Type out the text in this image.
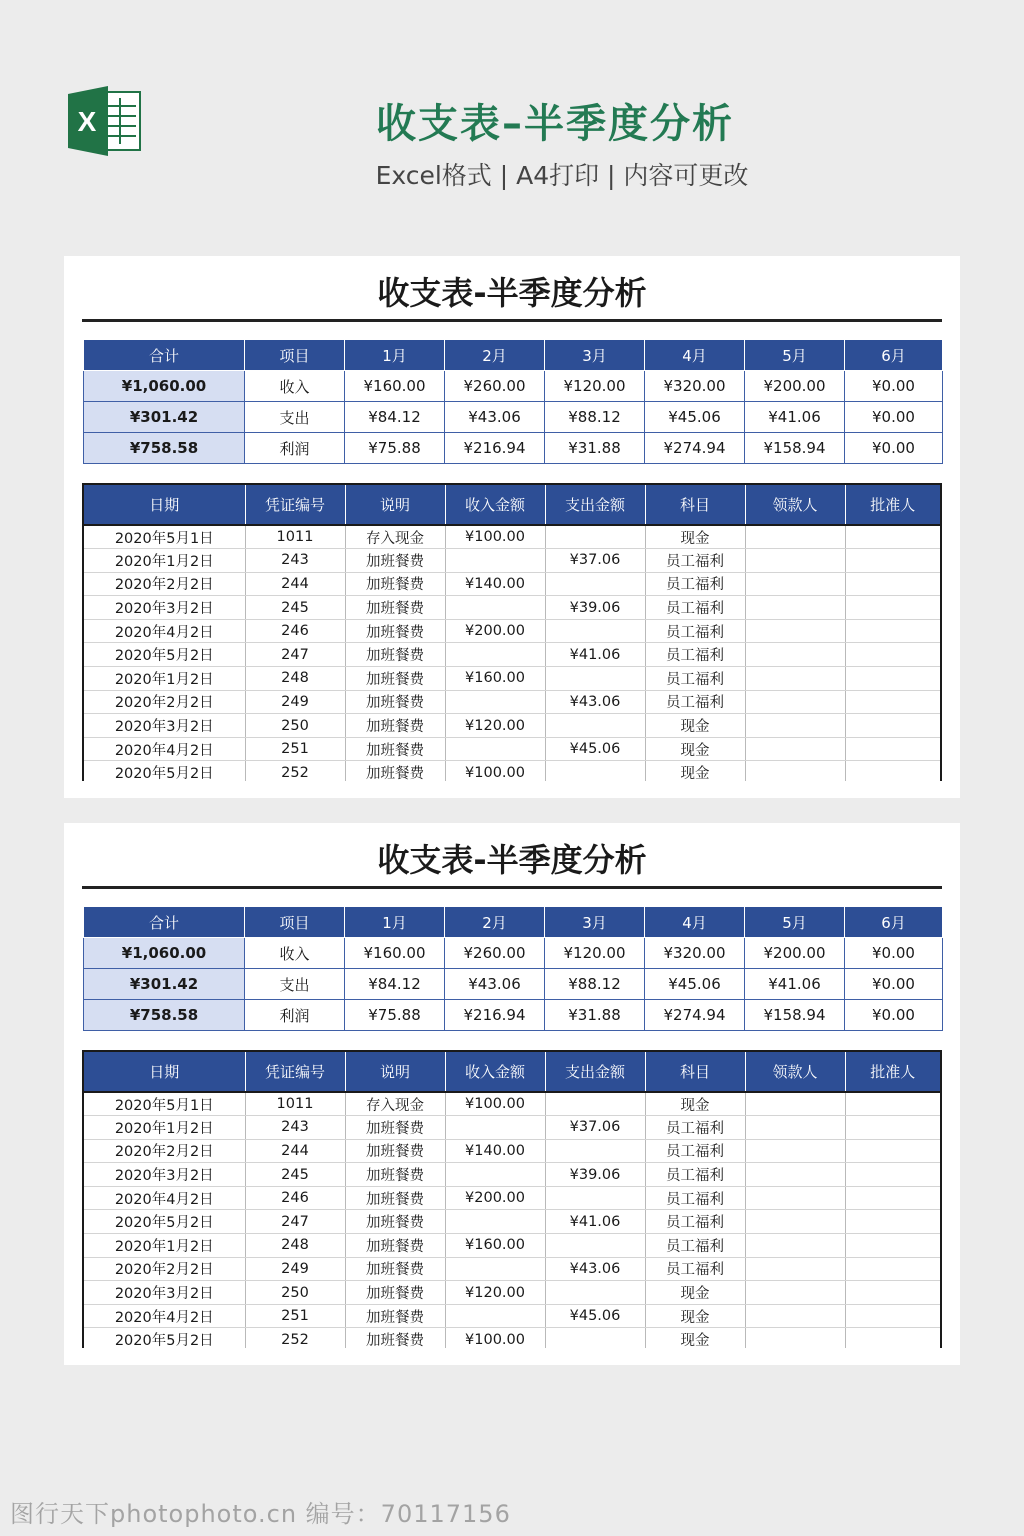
X	收支表–半季度分析
Excel格式 | A4打印 | 内容可更改
收支表-半季度分析
合计	项目	1月	2月	3月	4月	5月	6月
¥1,060.00	收入	¥160.00	¥260.00	¥120.00	¥320.00	¥200.00	¥0.00
¥301.42	支出	¥84.12	¥43.06	¥88.12	¥45.06	¥41.06	¥0.00
¥758.58	利润	¥75.88	¥216.94	¥31.88	¥274.94	¥158.94	¥0.00
日期	凭证编号	说明	收入金额	支出金额	科目	领款人	批准人
2020年5月1日	1011	存入现金	¥100.00		现金		
2020年1月2日	243	加班餐费		¥37.06	员工福利		
2020年2月2日	244	加班餐费	¥140.00		员工福利		
2020年3月2日	245	加班餐费		¥39.06	员工福利		
2020年4月2日	246	加班餐费	¥200.00		员工福利		
2020年5月2日	247	加班餐费		¥41.06	员工福利		
2020年1月2日	248	加班餐费	¥160.00		员工福利		
2020年2月2日	249	加班餐费		¥43.06	员工福利		
2020年3月2日	250	加班餐费	¥120.00		现金		
2020年4月2日	251	加班餐费		¥45.06	现金		
2020年5月2日	252	加班餐费	¥100.00		现金		
收支表-半季度分析
合计	项目	1月	2月	3月	4月	5月	6月
¥1,060.00	收入	¥160.00	¥260.00	¥120.00	¥320.00	¥200.00	¥0.00
¥301.42	支出	¥84.12	¥43.06	¥88.12	¥45.06	¥41.06	¥0.00
¥758.58	利润	¥75.88	¥216.94	¥31.88	¥274.94	¥158.94	¥0.00
日期	凭证编号	说明	收入金额	支出金额	科目	领款人	批准人
2020年5月1日	1011	存入现金	¥100.00		现金		
2020年1月2日	243	加班餐费		¥37.06	员工福利		
2020年2月2日	244	加班餐费	¥140.00		员工福利		
2020年3月2日	245	加班餐费		¥39.06	员工福利		
2020年4月2日	246	加班餐费	¥200.00		员工福利		
2020年5月2日	247	加班餐费		¥41.06	员工福利		
2020年1月2日	248	加班餐费	¥160.00		员工福利		
2020年2月2日	249	加班餐费		¥43.06	员工福利		
2020年3月2日	250	加班餐费	¥120.00		现金		
2020年4月2日	251	加班餐费		¥45.06	现金		
2020年5月2日	252	加班餐费	¥100.00		现金		
图行天下photophoto.cn 编号：70117156
